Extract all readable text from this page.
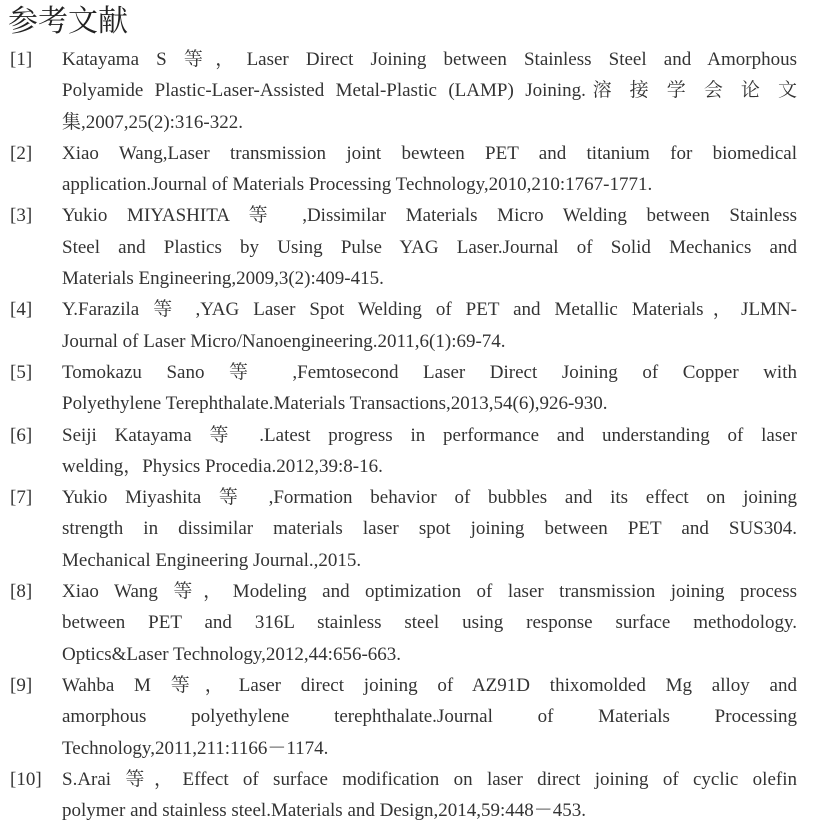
参考文献
[1] Katayama S 等，Laser Direct Joining between Stainless Steel and Amorphous
Polyamide Plastic-Laser-Assisted Metal-Plastic (LAMP) Joining.溶 接 学 会 论 文
集,2007,25(2):316-322.
[2] Xiao Wang,Laser transmission joint bewteen PET and titanium for biomedical
application.Journal of Materials Processing Technology,2010,210:1767-1771.
[3] Yukio MIYASHITA 等 ,Dissimilar Materials Micro Welding between Stainless
Steel and Plastics by Using Pulse YAG Laser.Journal of Solid Mechanics and
Materials Engineering,2009,3(2):409-415.
[4] Y.Farazila 等 ,YAG Laser Spot Welding of PET and Metallic Materials，JLMN-
Journal of Laser Micro/Nanoengineering.2011,6(1):69-74.
[5] Tomokazu Sano 等 ,Femtosecond Laser Direct Joining of Copper with
Polyethylene Terephthalate.Materials Transactions,2013,54(6),926-930.
[6] Seiji Katayama 等 .Latest progress in performance and understanding of laser
welding，Physics Procedia.2012,39:8-16.
[7] Yukio Miyashita 等 ,Formation behavior of bubbles and its effect on joining
strength in dissimilar materials laser spot joining between PET and SUS304.
Mechanical Engineering Journal.,2015.
[8] Xiao Wang 等，Modeling and optimization of laser transmission joining process
between PET and 316L stainless steel using response surface methodology.
Optics&Laser Technology,2012,44:656-663.
[9] Wahba M 等，Laser direct joining of AZ91D thixomolded Mg alloy and
amorphous polyethylene terephthalate.Journal of Materials Processing
Technology,2011,211:1166－1174.
[10] S.Arai 等，Effect of surface modification on laser direct joining of cyclic olefin
polymer and stainless steel.Materials and Design,2014,59:448－453.
